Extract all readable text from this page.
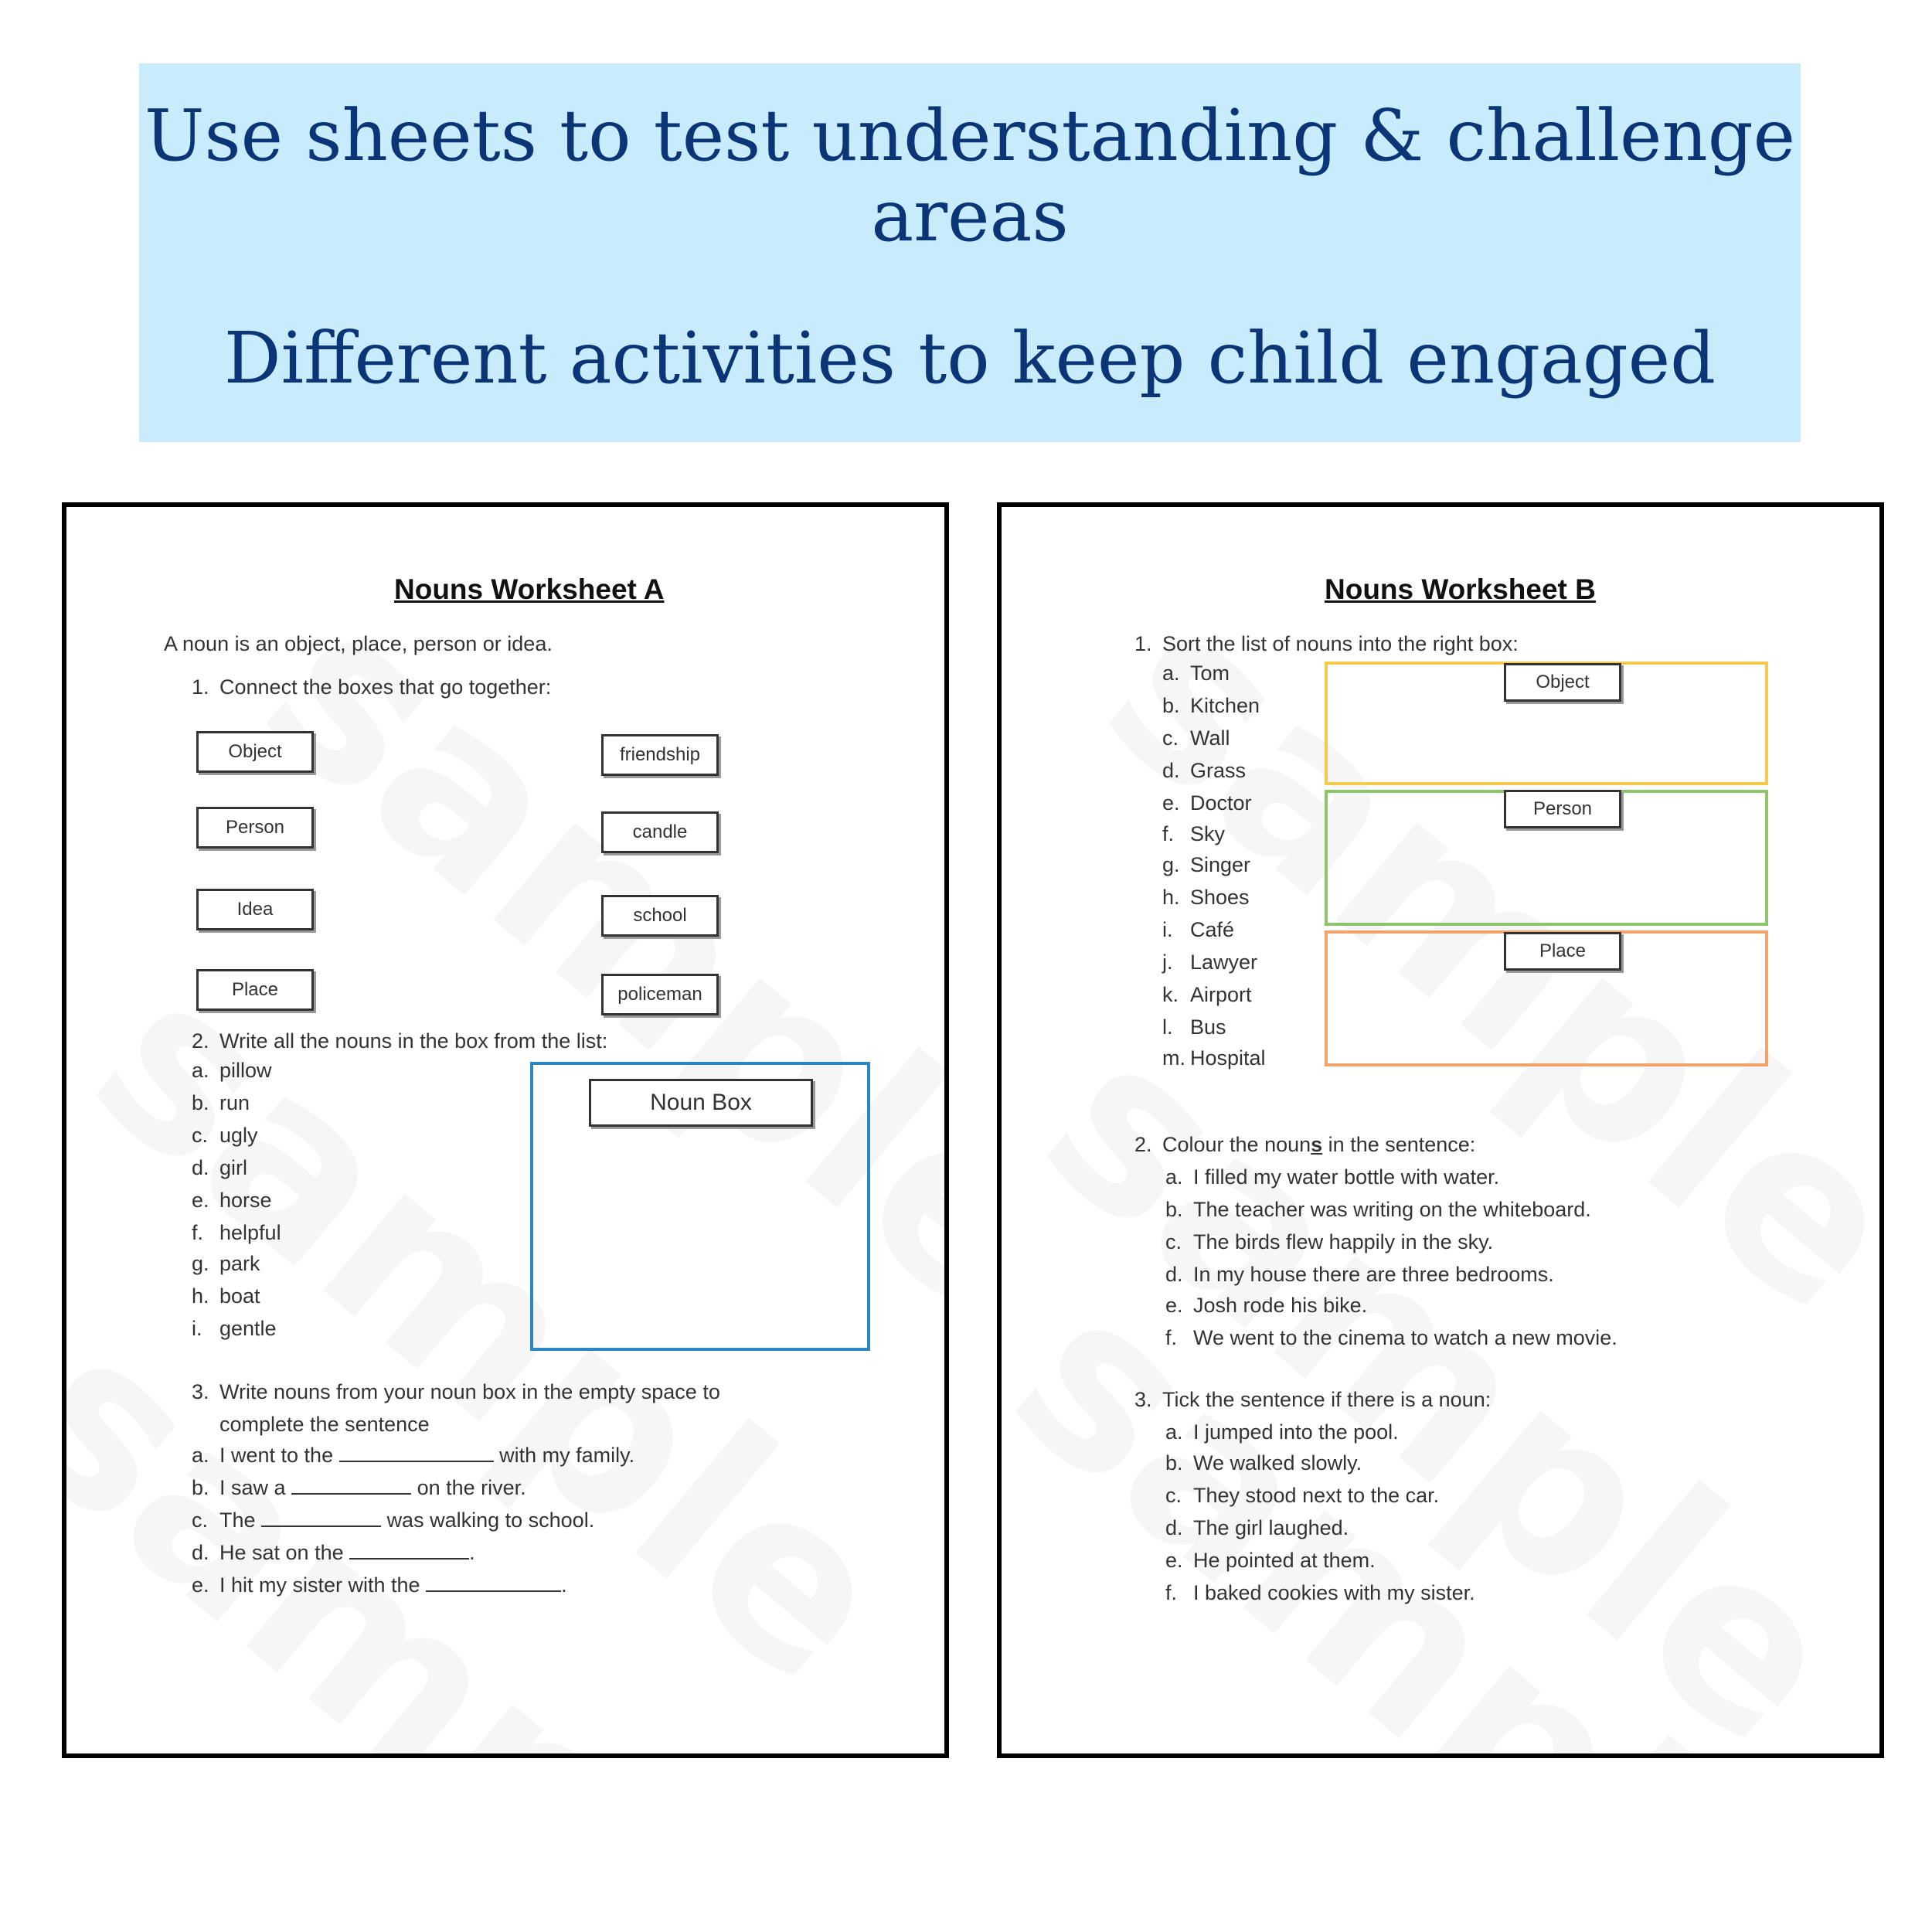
Use sheets to test understanding & challenge areas
Different activities to keep child engaged
Nouns Worksheet A
A noun is an object, place, person or idea.
1. Connect the boxes that go together:
Object
Person
Idea
Place
friendship
candle
school
policeman
2. Write all the nouns in the box from the list:
a. pillow
b. run
c. ugly
d. girl
e. horse
f. helpful
g. park
h. boat
i. gentle
Noun Box
3. Write nouns from your noun box in the empty space to
complete the sentence
a. I went to the	with my family.
b. I saw a	on the river.
c. The	was walking to school.
d. He sat on the	.
e. I hit my sister with the	.
Nouns Worksheet B
1. Sort the list of nouns into the right box:
a. Tom
b. Kitchen
c. Wall
d. Grass
e. Doctor
f. Sky
g. Singer
h. Shoes
i. Café
j. Lawyer
k. Airport
l. Bus
m. Hospital
Object
Person
Place
2. Colour the nouns in the sentence:
a. I filled my water bottle with water.
b. The teacher was writing on the whiteboard.
c. The birds flew happily in the sky.
d. In my house there are three bedrooms.
e. Josh rode his bike.
f. We went to the cinema to watch a new movie.
3. Tick the sentence if there is a noun:
a. I jumped into the pool.
b. We walked slowly.
c. They stood next to the car.
d. The girl laughed.
e. He pointed at them.
f. I baked cookies with my sister.
